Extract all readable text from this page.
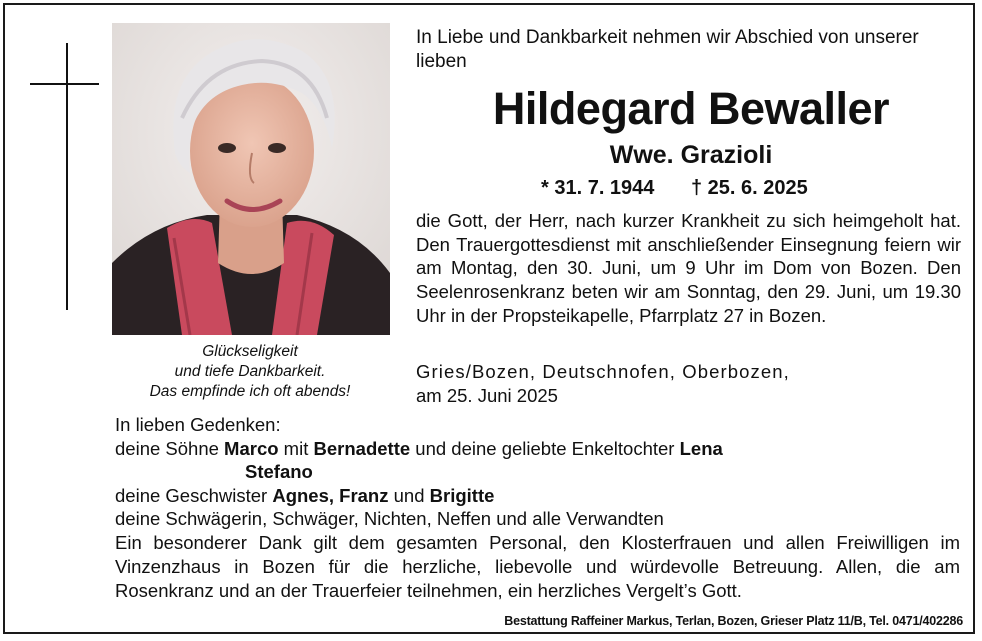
Glückseligkeit
und tiefe Dankbarkeit.
Das empfinde ich oft abends!
In Liebe und Dankbarkeit nehmen wir Abschied von unserer lieben
Hildegard Bewaller
Wwe. Grazioli
* 31. 7. 1944 † 25. 6. 2025
die Gott, der Herr, nach kurzer Krankheit zu sich heimgeholt hat. Den Trauergottesdienst mit anschließender Einsegnung feiern wir am Montag, den 30. Juni, um 9 Uhr im Dom von Bozen. Den Seelenrosenkranz beten wir am Sonntag, den 29. Juni, um 19.30 Uhr in der Propsteikapelle, Pfarrplatz 27 in Bozen.
Gries/Bozen, Deutschnofen, Oberbozen,
am 25. Juni 2025
In lieben Gedenken:
deine Söhne Marco mit Bernadette und deine geliebte Enkeltochter Lena
Stefano
deine Geschwister Agnes, Franz und Brigitte
deine Schwägerin, Schwäger, Nichten, Neffen und alle Verwandten
Ein besonderer Dank gilt dem gesamten Personal, den Klosterfrauen und allen Freiwilligen im Vinzenzhaus in Bozen für die herzliche, liebevolle und würdevolle Betreuung. Allen, die am Rosenkranz und an der Trauerfeier teilnehmen, ein herzliches Vergelt’s Gott.
Bestattung Raffeiner Markus, Terlan, Bozen, Grieser Platz 11/B, Tel. 0471/402286
